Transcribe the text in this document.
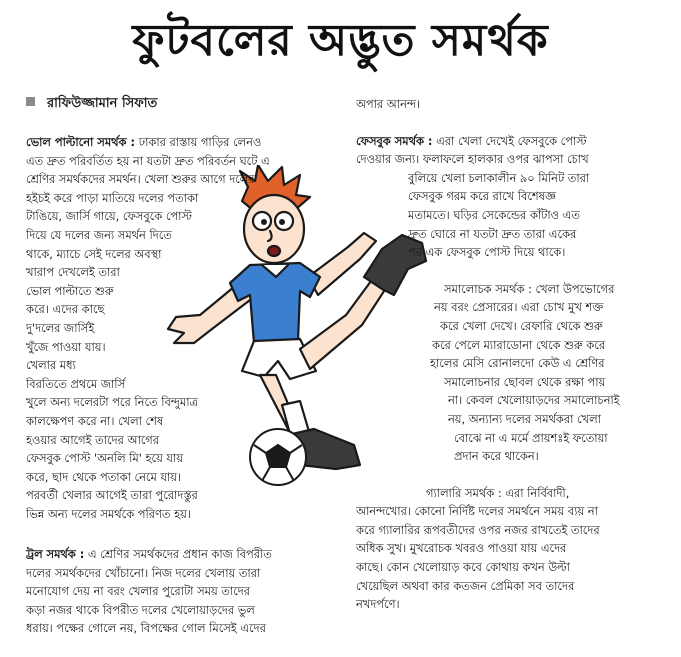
ফুটবলের অদ্ভুত সমর্থক
রাফিউজ্জামান সিফাত

ভোল পাল্টানো সমর্থক : ঢাকার রাস্তায় গাড়ির লেনও

এত দ্রুত পরিবর্তিত হয় না যতটা দ্রুত পরিবর্তন ঘটে এ
শ্রেণির সমর্থকদের সমর্থন। খেলা শুরুর আগে দলের
হইচই করে পাড়া মাতিয়ে দলের পতাকা
টাঙিয়ে, জার্সি গায়ে, ফেসবুকে পোস্ট
দিয়ে যে দলের জন্য সমর্থন দিতে
থাকে, ম্যাচে সেই দলের অবস্থা
খারাপ দেখলেই তারা
ভোল পাল্টাতে শুরু
করে। এদের কাছে
দু'দলের জার্সিই
খুঁজে পাওয়া যায়।
খেলার মধ্য
বিরতিতে প্রথমে জার্সি
খুলে অন্য দলেরটা পরে নিতে বিন্দুমাত্র
কালক্ষেপণ করে না। খেলা শেষ
হওয়ার আগেই তাদের আগের
ফেসবুক পোস্ট 'অনলি মি' হয়ে যায়
করে, ছাদ থেকে পতাকা নেমে যায়।
পরবর্তী খেলার আগেই তারা পুরোদস্তুর
ভিন্ন অন্য দলের সমর্থকে পরিণত হয়।

ট্রল সমর্থক : এ শ্রেণির সমর্থকদের প্রধান কাজ বিপরীত

দলের সমর্থকদের খোঁচানো। নিজ দলের খেলায় তারা
মনোযোগ দেয় না বরং খেলার পুরোটা সময় তাদের
কড়া নজর থাকে বিপরীত দলের খেলোয়াড়দের ভুল
ধরায়। পক্ষের গোলে নয়, বিপক্ষের গোল মিসেই এদের
অপার আনন্দ।

ফেসবুক সমর্থক : এরা খেলা দেখেই ফেসবুকে পোস্ট

দেওয়ার জন্য। ফলাফলে হালকার ওপর ঝাপসা চোখ
বুলিয়ে খেলা চলাকালীন ৯০ মিনিট তারা
ফেসবুক গরম করে রাখে বিশেষজ্ঞ
মতামতে। ঘড়ির সেকেন্ডের কাঁটাও এত
দ্রুত ঘোরে না যতটা দ্রুত তারা একের
পর এক ফেসবুক পোস্ট দিয়ে থাকে।

সমালোচক সমর্থক : খেলা উপভোগের

নয় বরং প্রেসারের। এরা চোখ মুখ শক্ত
করে খেলা দেখে। রেফারি থেকে শুরু
করে পেলে ম্যারাডোনা থেকে শুরু করে
হালের মেসি রোনালদো কেউ এ শ্রেণির
সমালোচনার ছোবল থেকে রক্ষা পায়
না। কেবল খেলোয়াড়দের সমালোচনাই
নয়, অন্যান্য দলের সমর্থকরা খেলা
বোঝে না এ মর্মে প্রায়শঃই ফতোয়া
প্রদান করে থাকেন।

গ্যালারি সমর্থক : এরা নির্বিবাদী,

আনন্দখোর। কোনো নির্দিষ্ট দলের সমর্থনে সময় ব্যয় না
করে গ্যালারির রূপবতীদের ওপর নজর রাখতেই তাদের
অধিক সুখ। মুখরোচক খবরও পাওয়া যায় এদের
কাছে। কোন খেলোয়াড় কবে কোথায় কখন উল্টা
খেয়েছিল অথবা কার কতজন প্রেমিকা সব তাদের
নখদর্পণে।
